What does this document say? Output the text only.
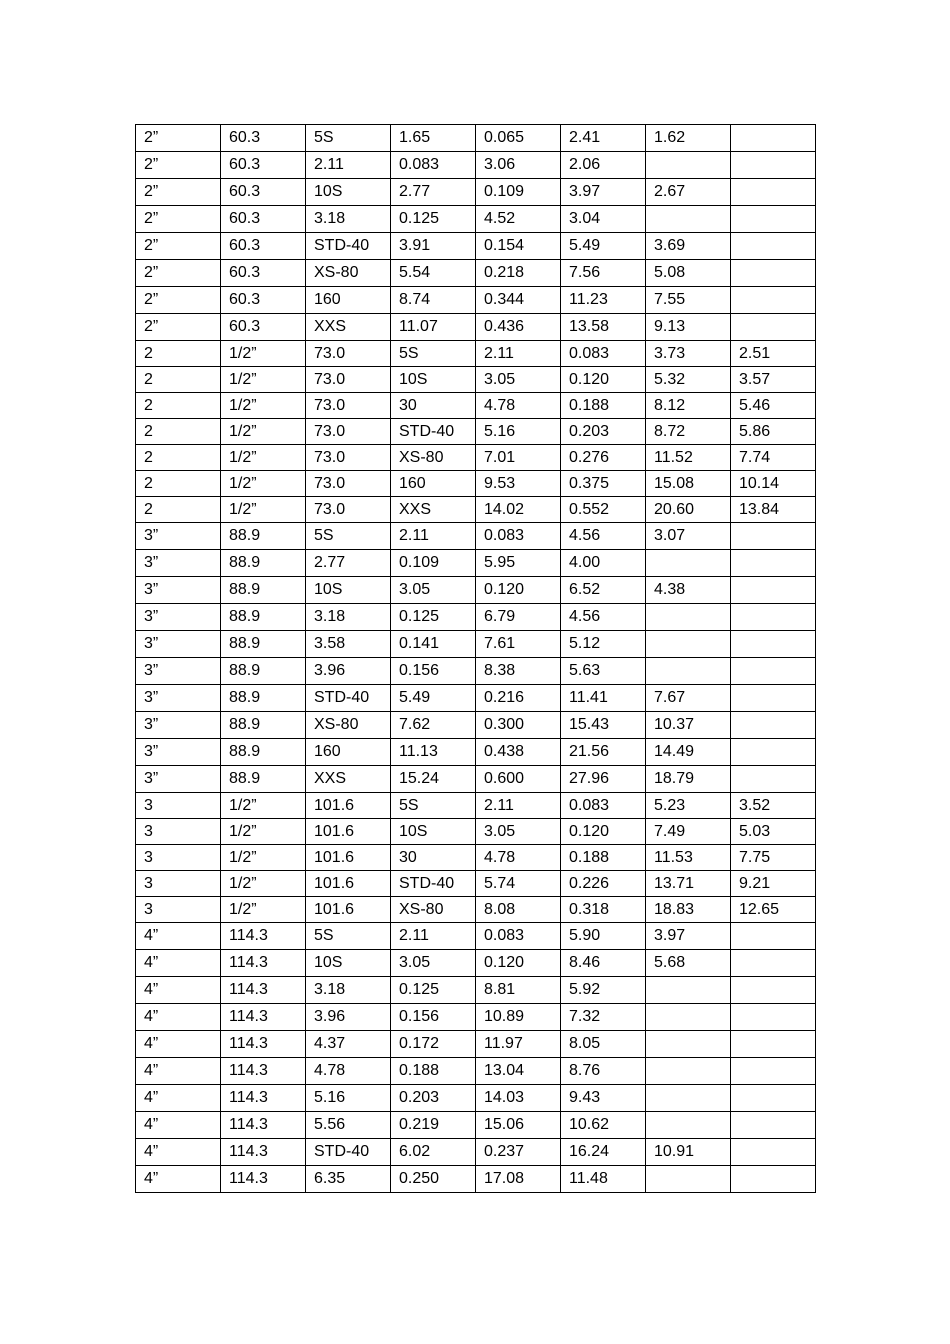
2”	60.3	5S	1.65	0.065	2.41	1.62	
2”	60.3	2.11	0.083	3.06	2.06		
2”	60.3	10S	2.77	0.109	3.97	2.67	
2”	60.3	3.18	0.125	4.52	3.04		
2”	60.3	STD-40	3.91	0.154	5.49	3.69	
2”	60.3	XS-80	5.54	0.218	7.56	5.08	
2”	60.3	160	8.74	0.344	11.23	7.55	
2”	60.3	XXS	11.07	0.436	13.58	9.13	
2	1/2”	73.0	5S	2.11	0.083	3.73	2.51
2	1/2”	73.0	10S	3.05	0.120	5.32	3.57
2	1/2”	73.0	30	4.78	0.188	8.12	5.46
2	1/2”	73.0	STD-40	5.16	0.203	8.72	5.86
2	1/2”	73.0	XS-80	7.01	0.276	11.52	7.74
2	1/2”	73.0	160	9.53	0.375	15.08	10.14
2	1/2”	73.0	XXS	14.02	0.552	20.60	13.84
3”	88.9	5S	2.11	0.083	4.56	3.07	
3”	88.9	2.77	0.109	5.95	4.00		
3”	88.9	10S	3.05	0.120	6.52	4.38	
3”	88.9	3.18	0.125	6.79	4.56		
3”	88.9	3.58	0.141	7.61	5.12		
3”	88.9	3.96	0.156	8.38	5.63		
3”	88.9	STD-40	5.49	0.216	11.41	7.67	
3”	88.9	XS-80	7.62	0.300	15.43	10.37	
3”	88.9	160	11.13	0.438	21.56	14.49	
3”	88.9	XXS	15.24	0.600	27.96	18.79	
3	1/2”	101.6	5S	2.11	0.083	5.23	3.52
3	1/2”	101.6	10S	3.05	0.120	7.49	5.03
3	1/2”	101.6	30	4.78	0.188	11.53	7.75
3	1/2”	101.6	STD-40	5.74	0.226	13.71	9.21
3	1/2”	101.6	XS-80	8.08	0.318	18.83	12.65
4”	114.3	5S	2.11	0.083	5.90	3.97	
4”	114.3	10S	3.05	0.120	8.46	5.68	
4”	114.3	3.18	0.125	8.81	5.92		
4”	114.3	3.96	0.156	10.89	7.32		
4”	114.3	4.37	0.172	11.97	8.05		
4”	114.3	4.78	0.188	13.04	8.76		
4”	114.3	5.16	0.203	14.03	9.43		
4”	114.3	5.56	0.219	15.06	10.62		
4”	114.3	STD-40	6.02	0.237	16.24	10.91	
4”	114.3	6.35	0.250	17.08	11.48		
